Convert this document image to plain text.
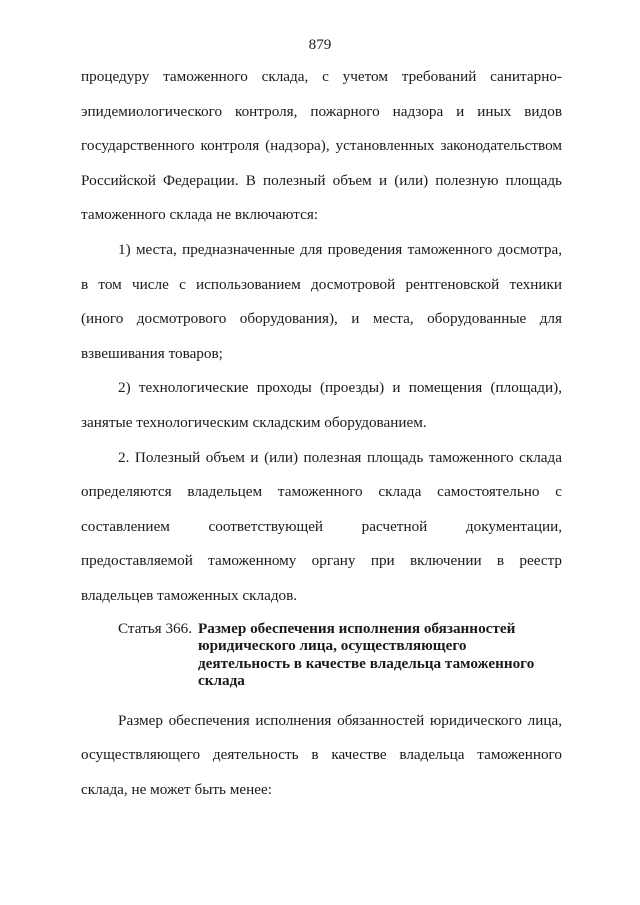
879

процедуру таможенного склада, с учетом требований санитарно-эпидемиологического контроля, пожарного надзора и иных видов государственного контроля (надзора), установленных законодательством Российской Федерации. В полезный объем и (или) полезную площадь таможенного склада не включаются:

1) места, предназначенные для проведения таможенного досмотра, в том числе с использованием досмотровой рентгеновской техники (иного досмотрового оборудования), и места, оборудованные для взвешивания товаров;

2) технологические проходы (проезды) и помещения (площади), занятые технологическим складским оборудованием.

2. Полезный объем и (или) полезная площадь таможенного склада определяются владельцем таможенного склада самостоятельно с составлением соответствующей расчетной документации, предоставляемой таможенному органу при включении в реестр владельцев таможенных складов.

Статья 366. Размер обеспечения исполнения обязанностей юридического лица, осуществляющего деятельность в качестве владельца таможенного склада

Размер обеспечения исполнения обязанностей юридического лица, осуществляющего деятельность в качестве владельца таможенного склада, не может быть менее:
